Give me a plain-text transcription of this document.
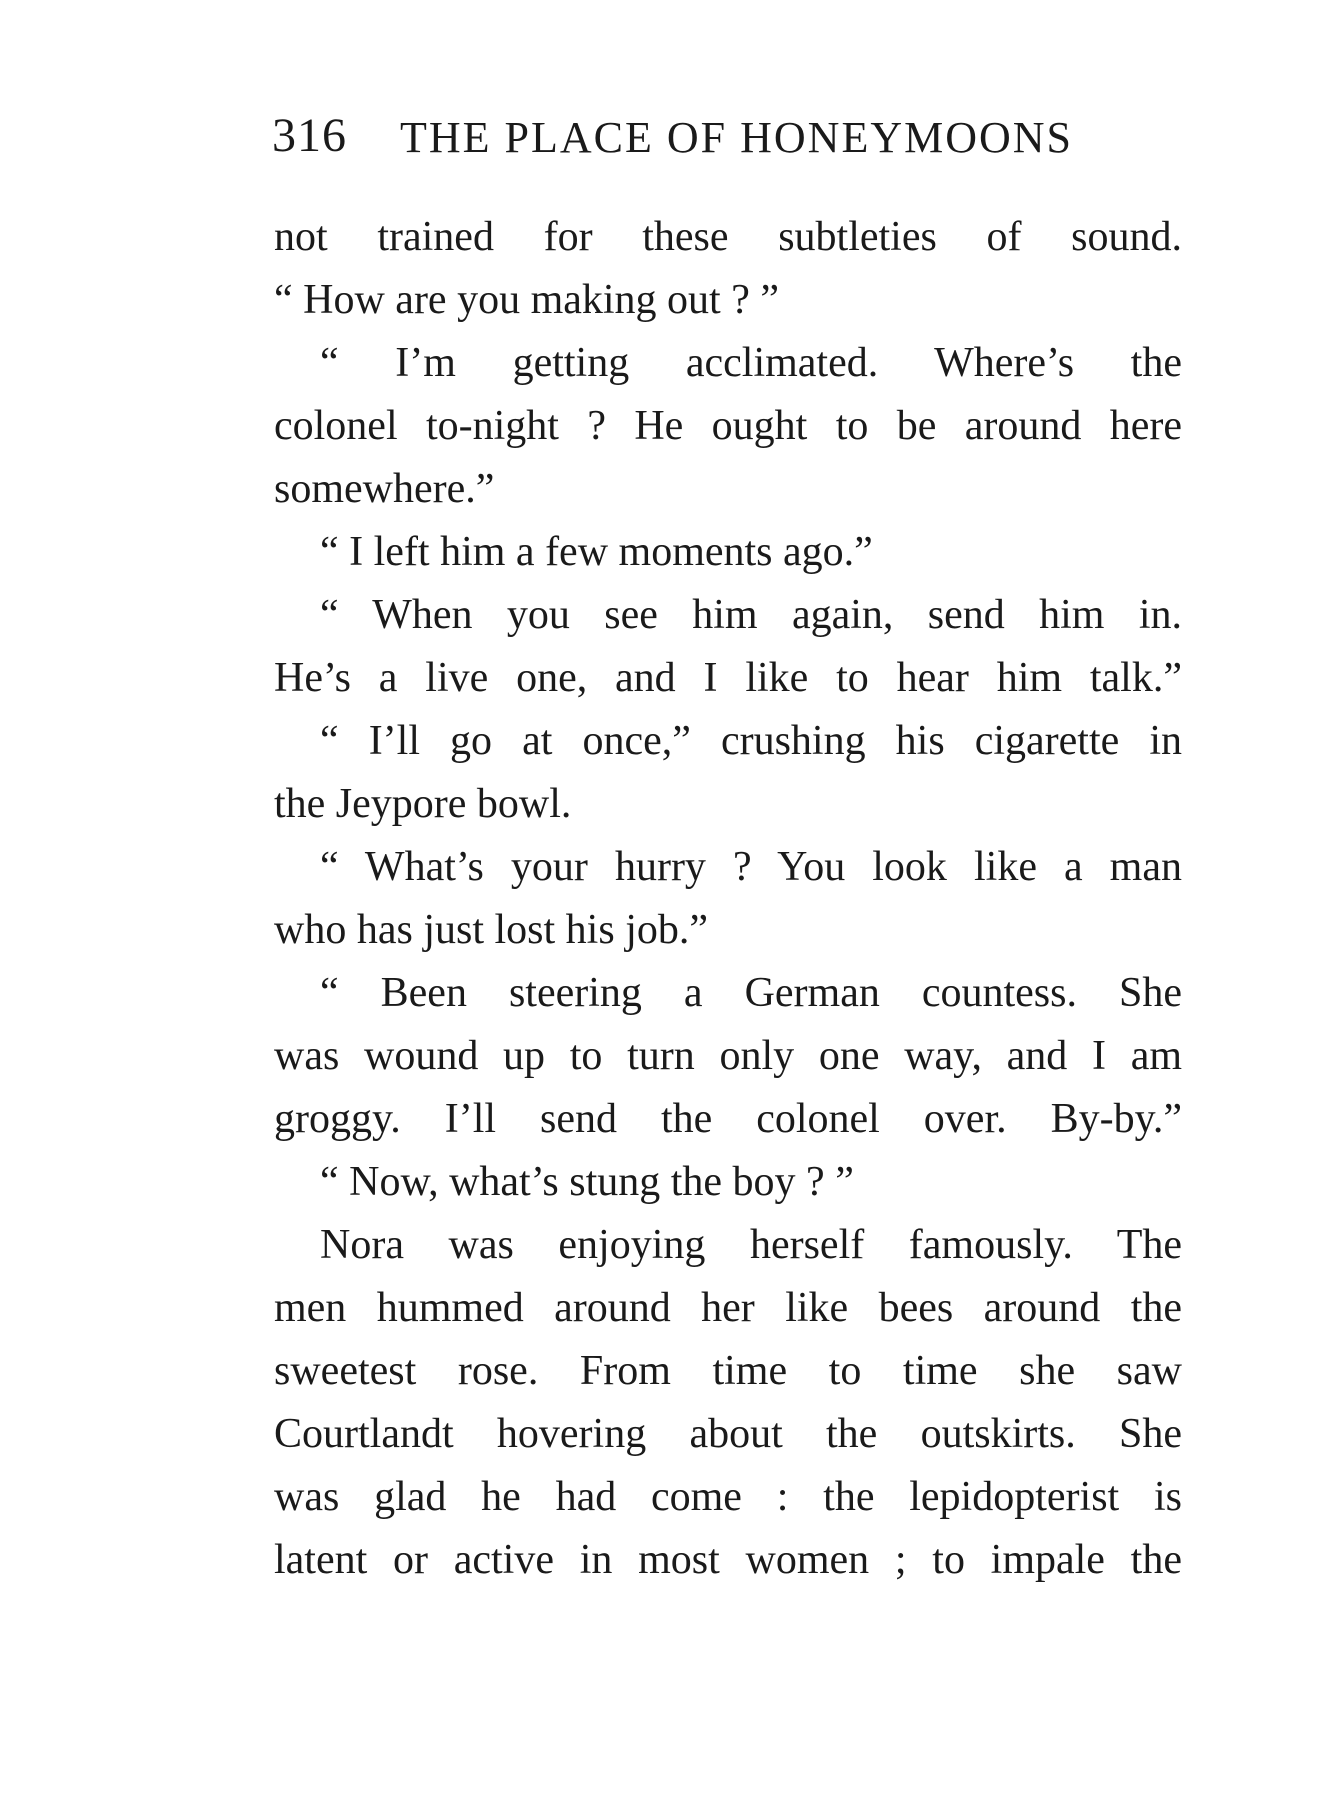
316 THE PLACE OF HONEYMOONS
not trained for these subtleties of sound.
“ How are you making out ? ”
“ I’m getting acclimated. Where’s the
colonel to-night ? He ought to be around here
somewhere.”
“ I left him a few moments ago.”
“ When you see him again, send him in.
He’s a live one, and I like to hear him talk.”
“ I’ll go at once,” crushing his cigarette in
the Jeypore bowl.
“ What’s your hurry ? You look like a man
who has just lost his job.”
“ Been steering a German countess. She
was wound up to turn only one way, and I am
groggy. I’ll send the colonel over. By-by.”
“ Now, what’s stung the boy ? ”
Nora was enjoying herself famously. The
men hummed around her like bees around the
sweetest rose. From time to time she saw
Courtlandt hovering about the outskirts. She
was glad he had come : the lepidopterist is
latent or active in most women ; to impale the
